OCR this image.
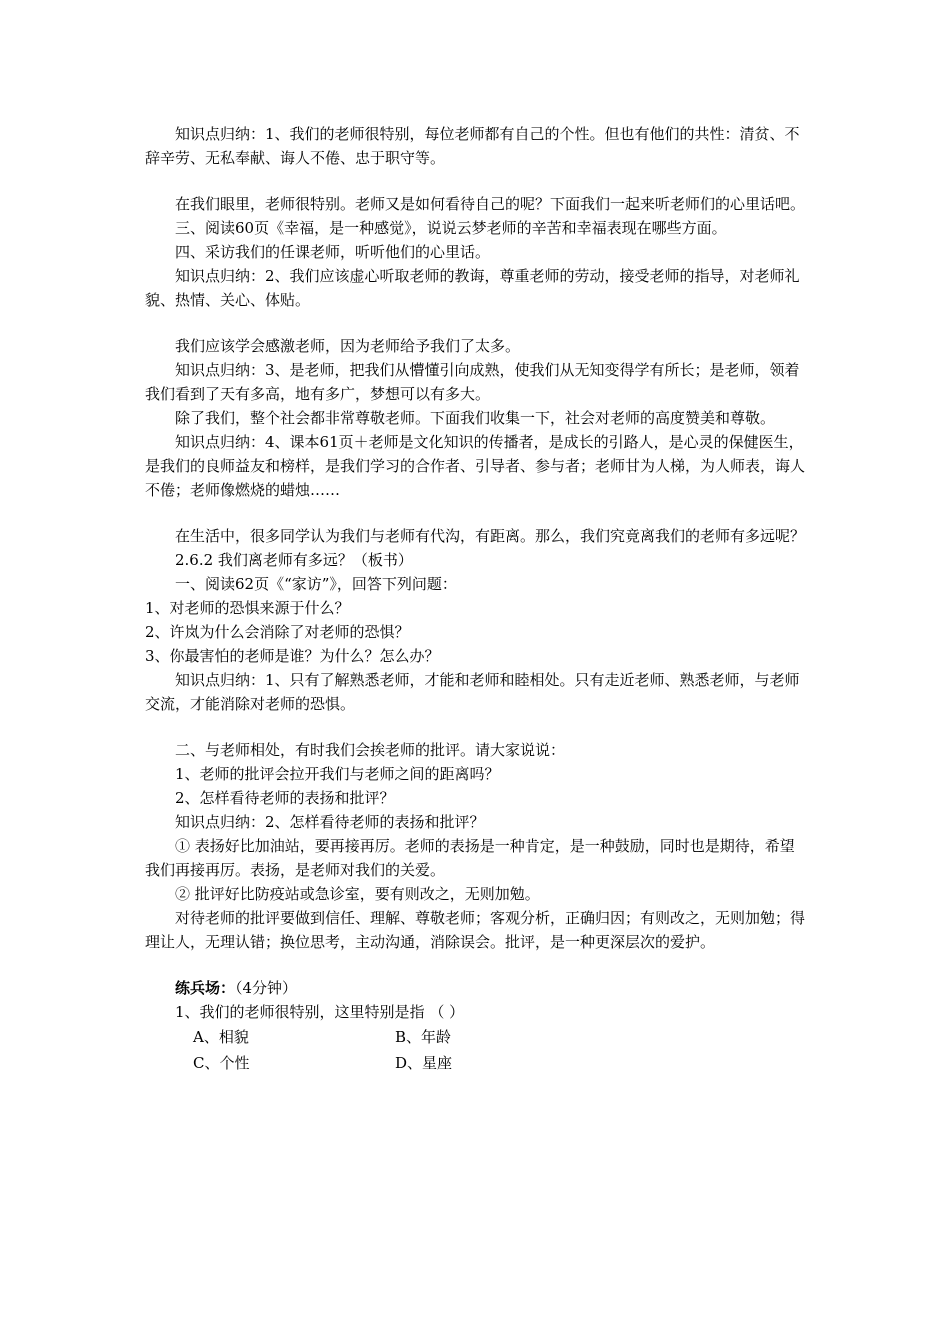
知识点归纳：1、我们的老师很特别，每位老师都有自己的个性。但也有他们的共性：清贫、不辞辛劳、无私奉献、诲人不倦、忠于职守等。

在我们眼里，老师很特别。老师又是如何看待自己的呢？下面我们一起来听老师们的心里话吧。

三、阅读60页《幸福，是一种感觉》，说说云梦老师的辛苦和幸福表现在哪些方面。

四、采访我们的任课老师，听听他们的心里话。

知识点归纳：2、我们应该虚心听取老师的教诲，尊重老师的劳动，接受老师的指导，对老师礼貌、热情、关心、体贴。

我们应该学会感激老师，因为老师给予我们了太多。

知识点归纳：3、是老师，把我们从懵懂引向成熟，使我们从无知变得学有所长；是老师，领着我们看到了天有多高，地有多广，梦想可以有多大。

除了我们，整个社会都非常尊敬老师。下面我们收集一下，社会对老师的高度赞美和尊敬。

知识点归纳：4、课本61页＋老师是文化知识的传播者，是成长的引路人，是心灵的保健医生，是我们的良师益友和榜样，是我们学习的合作者、引导者、参与者；老师甘为人梯，为人师表，诲人不倦；老师像燃烧的蜡烛……

在生活中，很多同学认为我们与老师有代沟，有距离。那么，我们究竟离我们的老师有多远呢？

2.6.2 我们离老师有多远？（板书）

一、阅读62页《“家访”》，回答下列问题：

1、对老师的恐惧来源于什么？

2、许岚为什么会消除了对老师的恐惧？

3、你最害怕的老师是谁？为什么？怎么办？

知识点归纳：1、只有了解熟悉老师，才能和老师和睦相处。只有走近老师、熟悉老师，与老师交流，才能消除对老师的恐惧。

二、与老师相处，有时我们会挨老师的批评。请大家说说：

1、老师的批评会拉开我们与老师之间的距离吗？

2、怎样看待老师的表扬和批评？

知识点归纳：2、怎样看待老师的表扬和批评？

① 表扬好比加油站，要再接再厉。老师的表扬是一种肯定，是一种鼓励，同时也是期待，希望我们再接再厉。表扬，是老师对我们的关爱。

② 批评好比防疫站或急诊室，要有则改之，无则加勉。

对待老师的批评要做到信任、理解、尊敬老师；客观分析，正确归因；有则改之，无则加勉；得理让人，无理认错；换位思考，主动沟通，消除误会。批评，是一种更深层次的爱护。

练兵场：（4分钟）

1、我们的老师很特别，这里特别是指 （ ）

A、相貌	B、年龄
C、个性	D、星座
